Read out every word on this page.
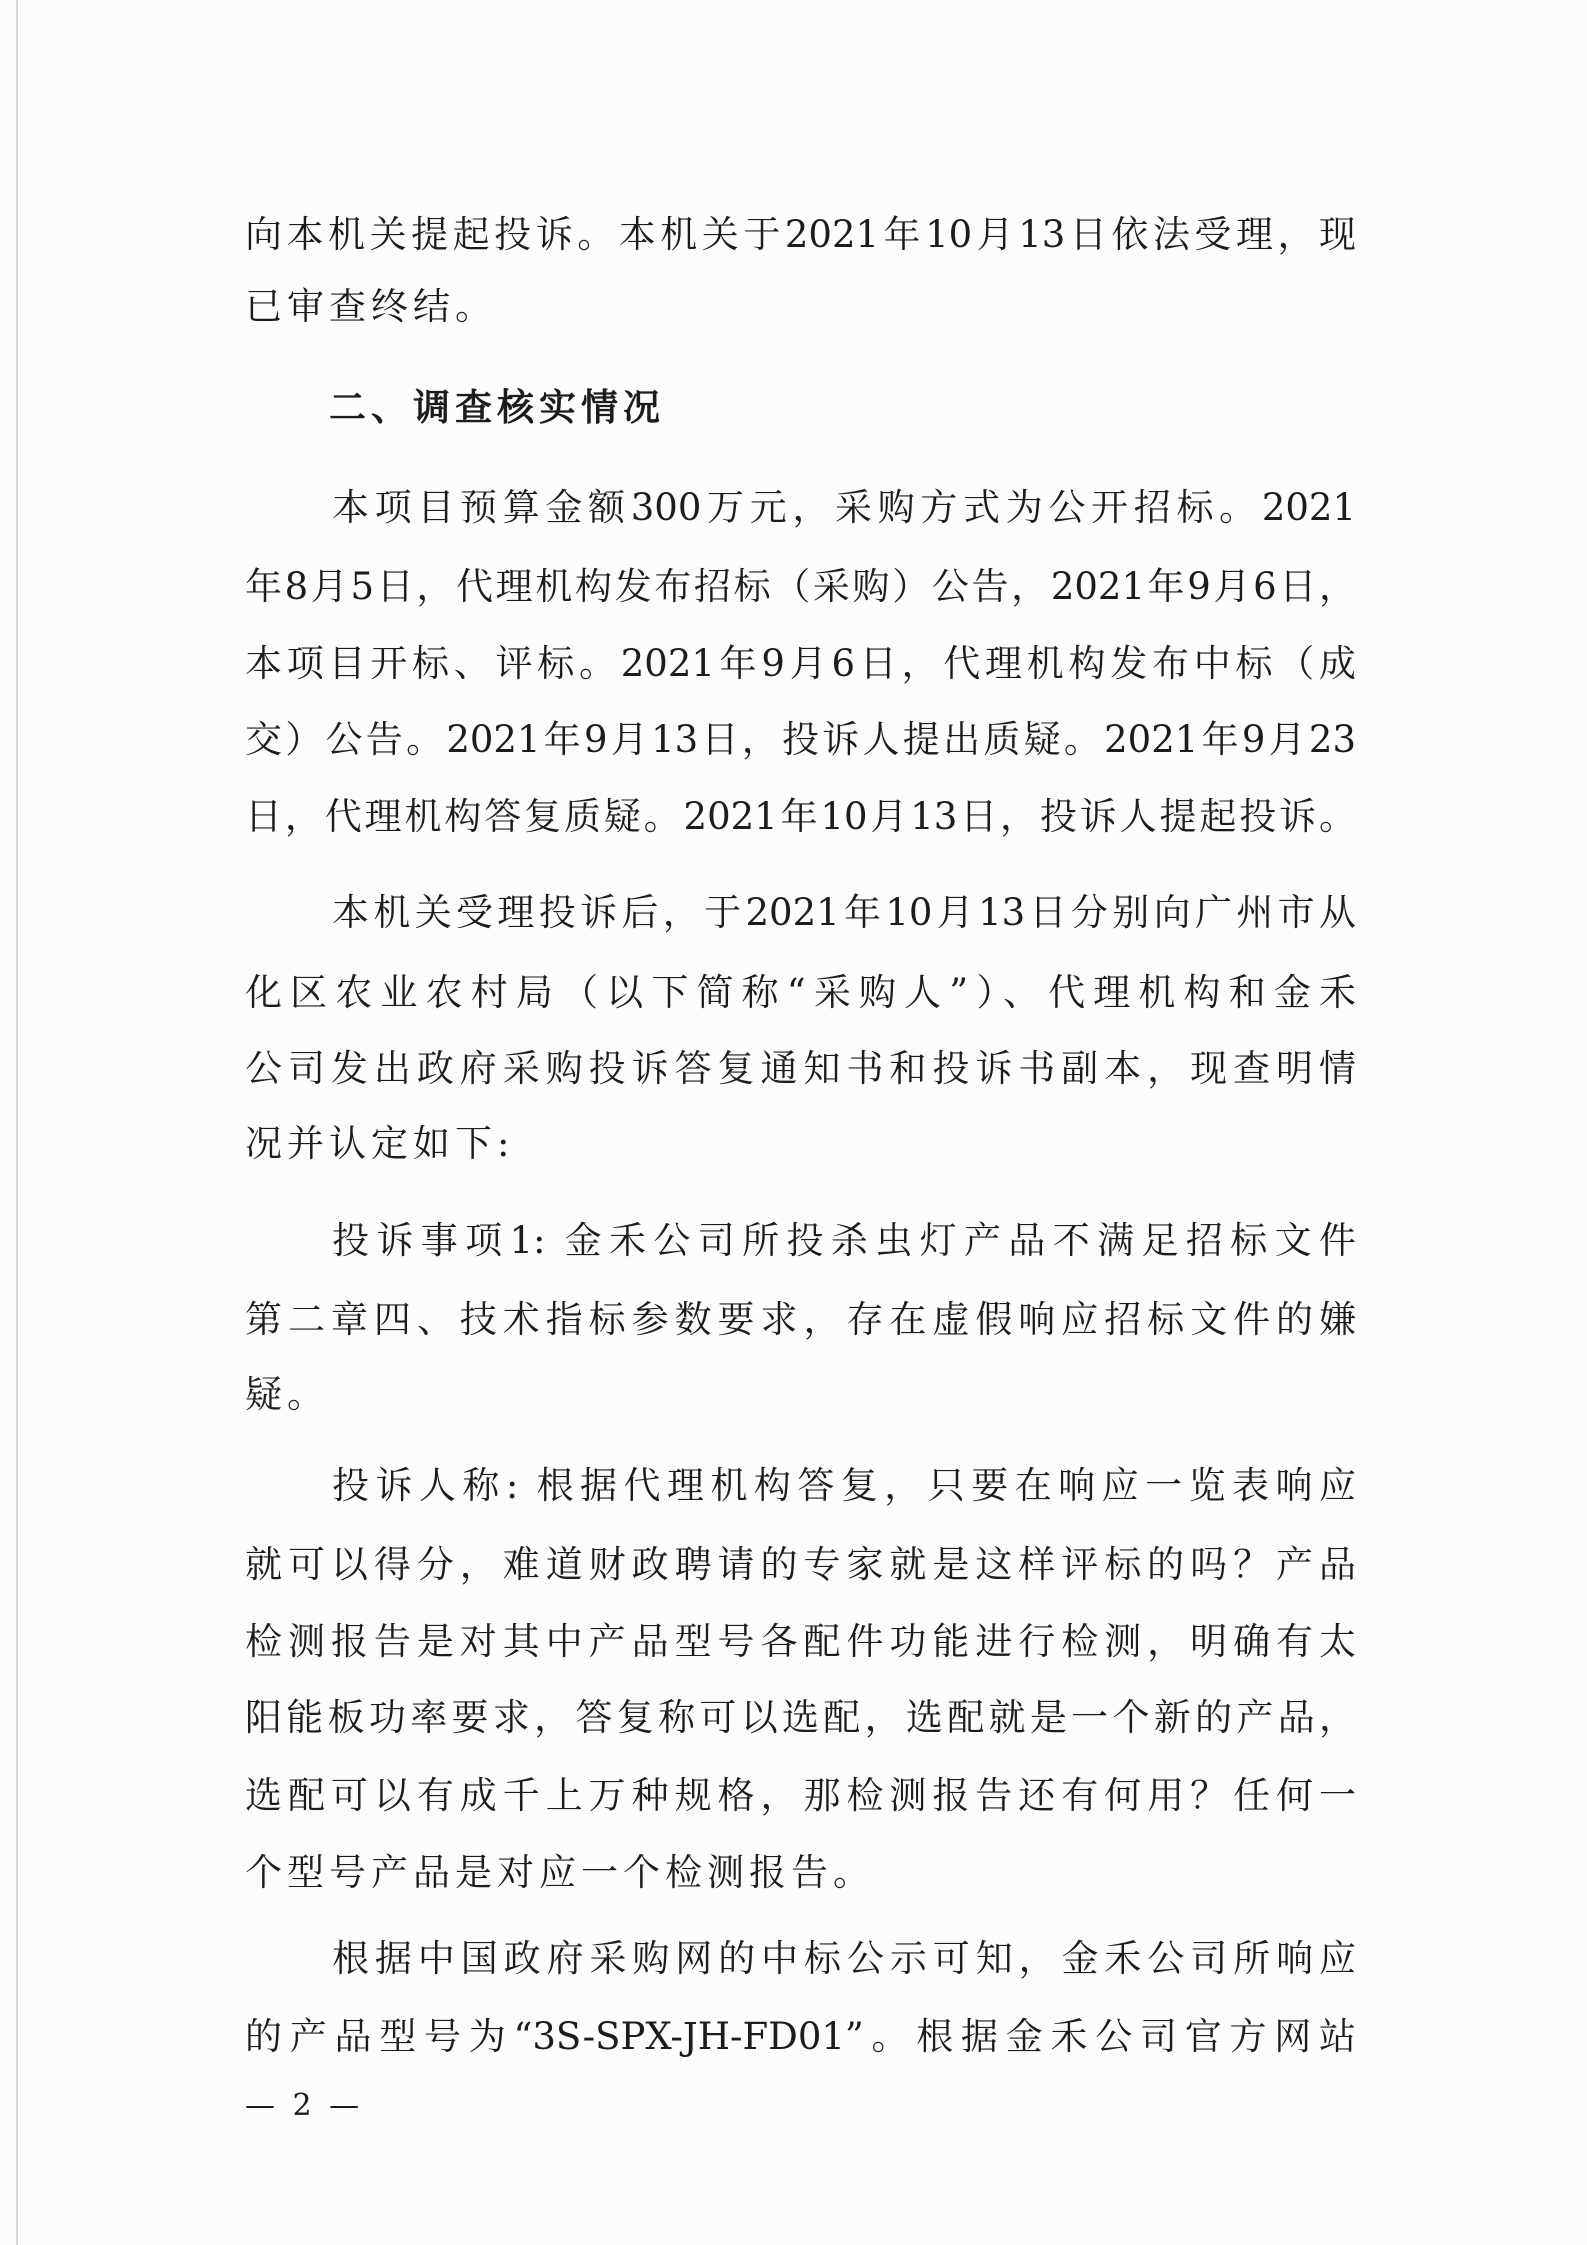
向本机关提起投诉。本机关于2021年10月13日依法受理，现
已审查终结。
二、调查核实情况
本项目预算金额300万元，采购方式为公开招标。2021
年8月5日，代理机构发布招标（采购）公告，2021年9月6日，
本项目开标、评标。2021年9月6日，代理机构发布中标（成
交）公告。2021年9月13日，投诉人提出质疑。2021年9月23
日，代理机构答复质疑。2021年10月13日，投诉人提起投诉。
本机关受理投诉后，于2021年10月13日分别向广州市从
化区农业农村局（以下简称“采购人”）、代理机构和金禾
公司发出政府采购投诉答复通知书和投诉书副本，现查明情
况并认定如下:
投诉事项1: 金禾公司所投杀虫灯产品不满足招标文件
第二章四、技术指标参数要求，存在虚假响应招标文件的嫌
疑。
投诉人称: 根据代理机构答复，只要在响应一览表响应
就可以得分，难道财政聘请的专家就是这样评标的吗？产品
检测报告是对其中产品型号各配件功能进行检测，明确有太
阳能板功率要求，答复称可以选配，选配就是一个新的产品，
选配可以有成千上万种规格，那检测报告还有何用？任何一
个型号产品是对应一个检测报告。
根据中国政府采购网的中标公示可知，金禾公司所响应
的产品型号为“3S-SPX-JH-FD01”。根据金禾公司官方网站
— 2 —
